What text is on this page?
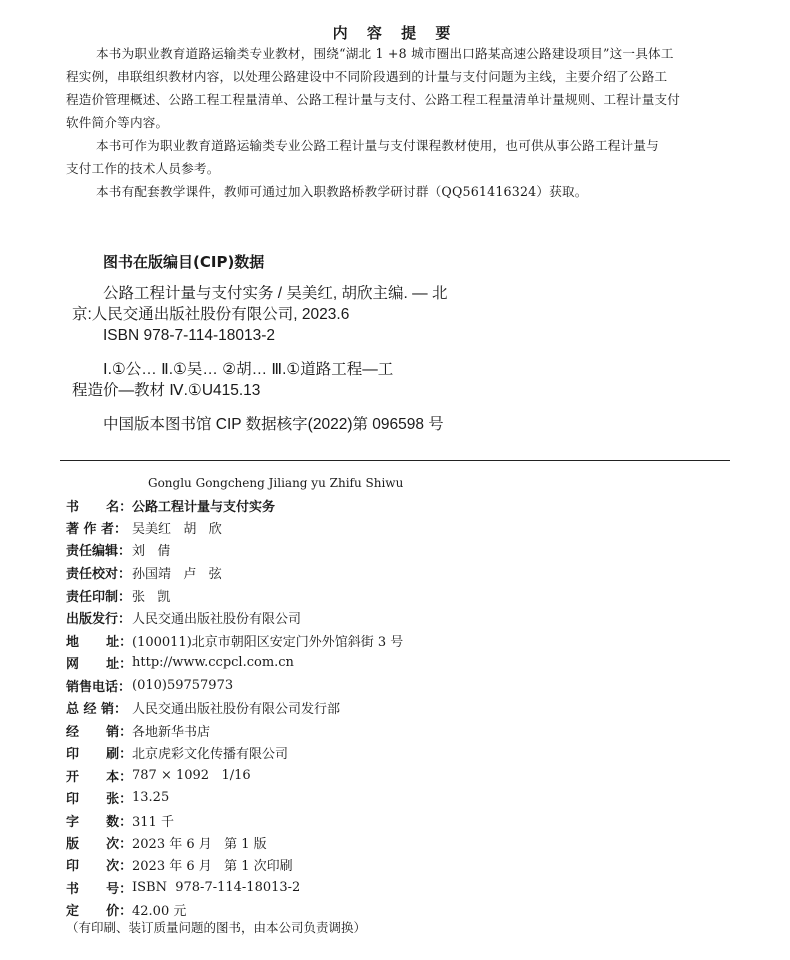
内 容 提 要
本书为职业教育道路运输类专业教材，围绕“湖北 1 +8 城市圈出口路某高速公路建设项目”这一具体工
程实例，串联组织教材内容，以处理公路建设中不同阶段遇到的计量与支付问题为主线，主要介绍了公路工
程造价管理概述、公路工程工程量清单、公路工程计量与支付、公路工程工程量清单计量规则、工程计量支付
软件简介等内容。
本书可作为职业教育道路运输类专业公路工程计量与支付课程教材使用，也可供从事公路工程计量与
支付工作的技术人员参考。
本书有配套教学课件，教师可通过加入职教路桥教学研讨群（QQ561416324）获取。
图书在版编目(CIP)数据
公路工程计量与支付实务 / 吴美红, 胡欣主编. — 北
京:人民交通出版社股份有限公司, 2023.6
ISBN 978-7-114-18013-2
Ⅰ.①公… Ⅱ.①吴… ②胡… Ⅲ.①道路工程—工
程造价—教材 Ⅳ.①U415.13
中国版本图书馆 CIP 数据核字(2022)第 096598 号
Gonglu Gongcheng Jiliang yu Zhifu Shiwu
书      名： 公路工程计量与支付实务
著 作 者： 吴美红   胡   欣
责任编辑： 刘   倩
责任校对： 孙国靖   卢   弦
责任印制： 张   凯
出版发行： 人民交通出版社股份有限公司
地      址： (100011)北京市朝阳区安定门外外馆斜街 3 号
网      址： http://www.ccpcl.com.cn
销售电话： (010)59757973
总 经 销： 人民交通出版社股份有限公司发行部
经      销： 各地新华书店
印      刷： 北京虎彩文化传播有限公司
开      本： 787 × 1092   1/16
印      张： 13.25
字      数： 311 千
版      次： 2023 年 6 月   第 1 版
印      次： 2023 年 6 月   第 1 次印刷
书      号： ISBN  978-7-114-18013-2
定      价： 42.00 元
（有印刷、装订质量问题的图书，由本公司负责调换）
